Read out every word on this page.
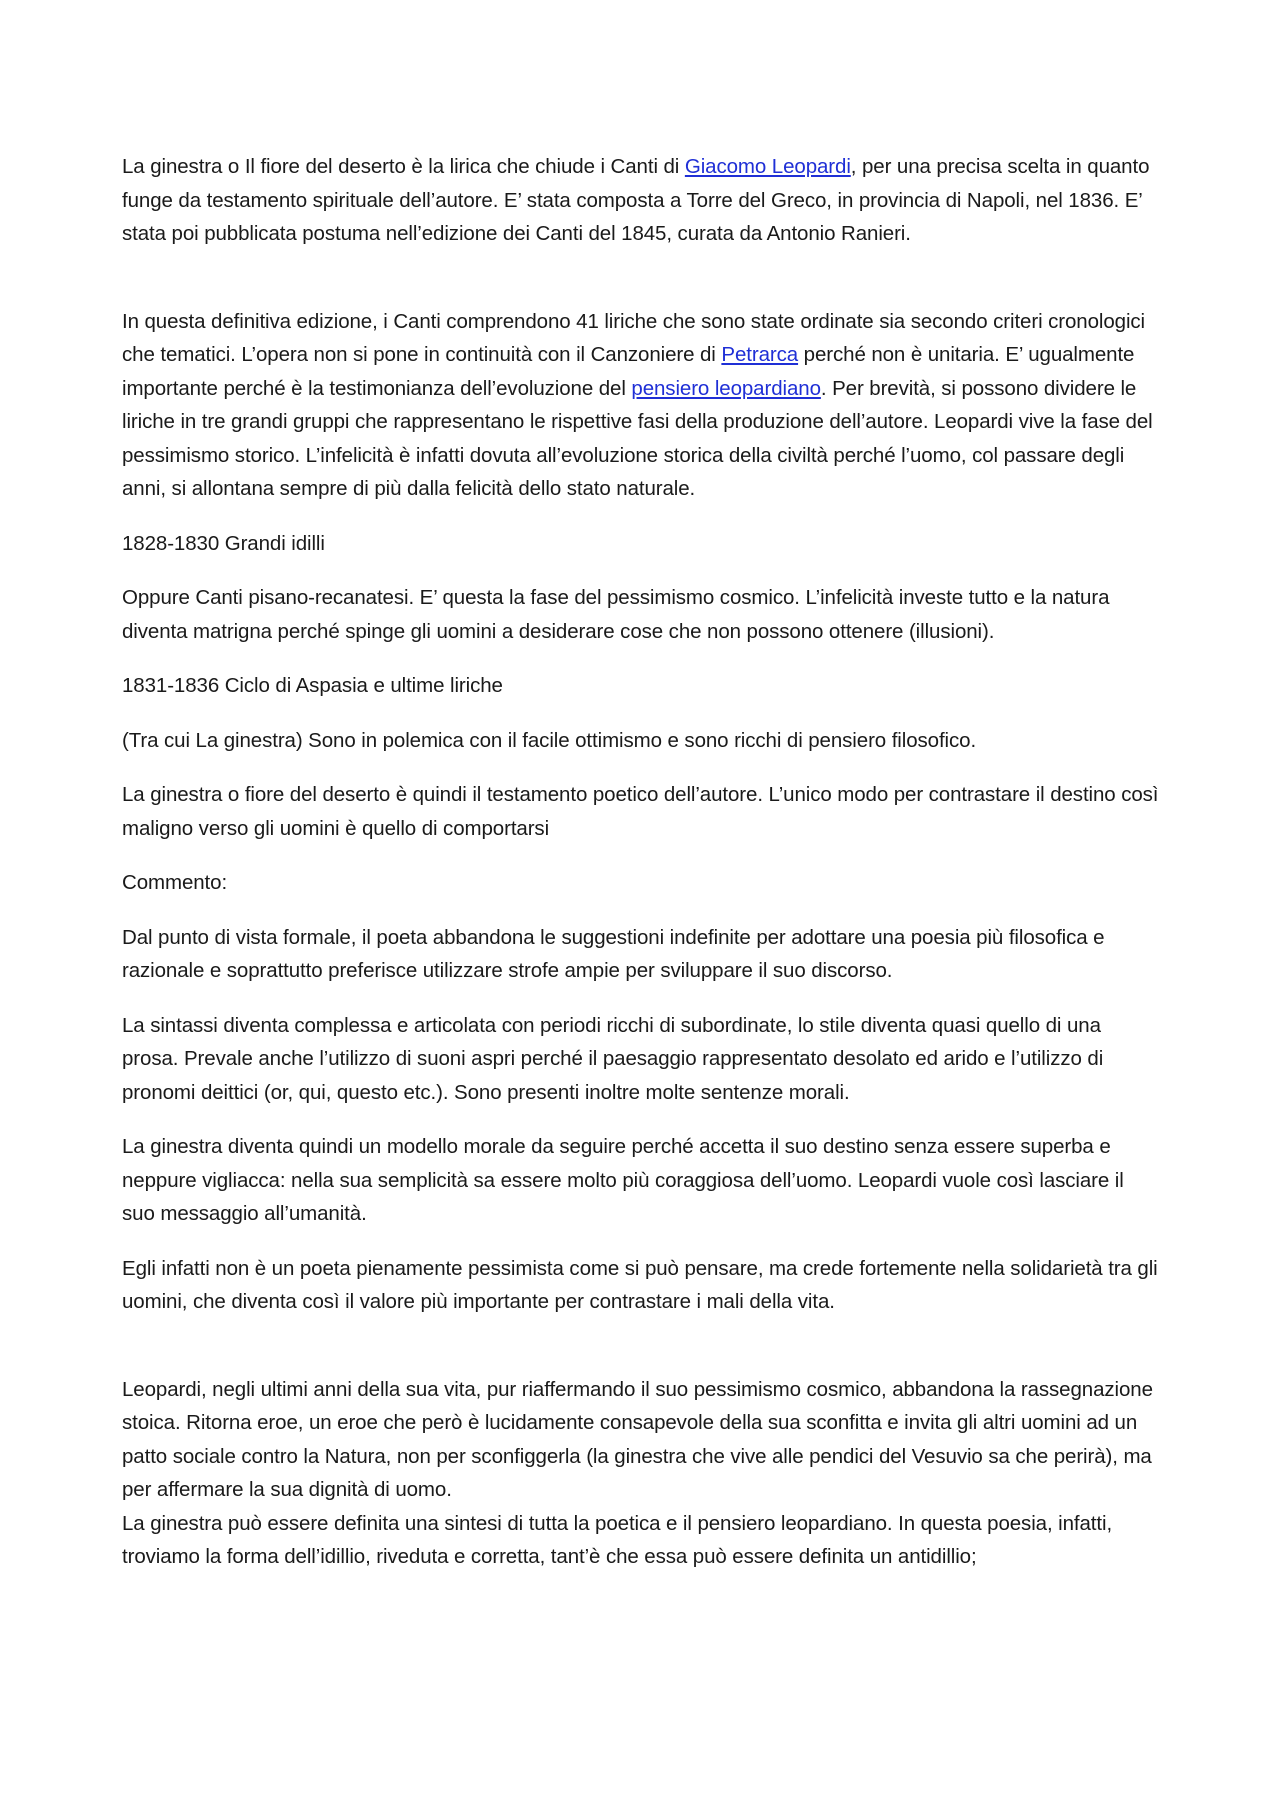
La ginestra o Il fiore del deserto è la lirica che chiude i Canti di Giacomo Leopardi, per una precisa scelta in quanto funge da testamento spirituale dell’autore. E’ stata composta a Torre del Greco, in provincia di Napoli, nel 1836. E’ stata poi pubblicata postuma nell’edizione dei Canti del 1845, curata da Antonio Ranieri.

In questa definitiva edizione, i Canti comprendono 41 liriche che sono state ordinate sia secondo criteri cronologici che tematici. L’opera non si pone in continuità con il Canzoniere di Petrarca perché non è unitaria. E’ ugualmente importante perché è la testimonianza dell’evoluzione del pensiero leopardiano. Per brevità, si possono dividere le liriche in tre grandi gruppi che rappresentano le rispettive fasi della produzione dell’autore. Leopardi vive la fase del pessimismo storico. L’infelicità è infatti dovuta all’evoluzione storica della civiltà perché l’uomo, col passare degli anni, si allontana sempre di più dalla felicità dello stato naturale.

1828-1830 Grandi idilli

Oppure Canti pisano-recanatesi. E’ questa la fase del pessimismo cosmico. L’infelicità investe tutto e la natura diventa matrigna perché spinge gli uomini a desiderare cose che non possono ottenere (illusioni).

1831-1836 Ciclo di Aspasia e ultime liriche

(Tra cui La ginestra) Sono in polemica con il facile ottimismo e sono ricchi di pensiero filosofico.

La ginestra o fiore del deserto è quindi il testamento poetico dell’autore. L’unico modo per contrastare il destino così maligno verso gli uomini è quello di comportarsi

Commento:

Dal punto di vista formale, il poeta abbandona le suggestioni indefinite per adottare una poesia più filosofica e razionale e soprattutto preferisce utilizzare strofe ampie per sviluppare il suo discorso.

La sintassi diventa complessa e articolata con periodi ricchi di subordinate, lo stile diventa quasi quello di una prosa. Prevale anche l’utilizzo di suoni aspri perché il paesaggio rappresentato desolato ed arido e l’utilizzo di pronomi deittici (or, qui, questo etc.). Sono presenti inoltre molte sentenze morali.

La ginestra diventa quindi un modello morale da seguire perché accetta il suo destino senza essere superba e neppure vigliacca: nella sua semplicità sa essere molto più coraggiosa dell’uomo. Leopardi vuole così lasciare il suo messaggio all’umanità.

Egli infatti non è un poeta pienamente pessimista come si può pensare, ma crede fortemente nella solidarietà tra gli uomini, che diventa così il valore più importante per contrastare i mali della vita.

Leopardi, negli ultimi anni della sua vita, pur riaffermando il suo pessimismo cosmico, abbandona la rassegnazione stoica. Ritorna eroe, un eroe che però è lucidamente consapevole della sua sconfitta e invita gli altri uomini ad un patto sociale contro la Natura, non per sconfiggerla (la ginestra che vive alle pendici del Vesuvio sa che perirà), ma per affermare la sua dignità di uomo.

La ginestra può essere definita una sintesi di tutta la poetica e il pensiero leopardiano. In questa poesia, infatti, troviamo la forma dell’idillio, riveduta e corretta, tant’è che essa può essere definita un antidillio;
